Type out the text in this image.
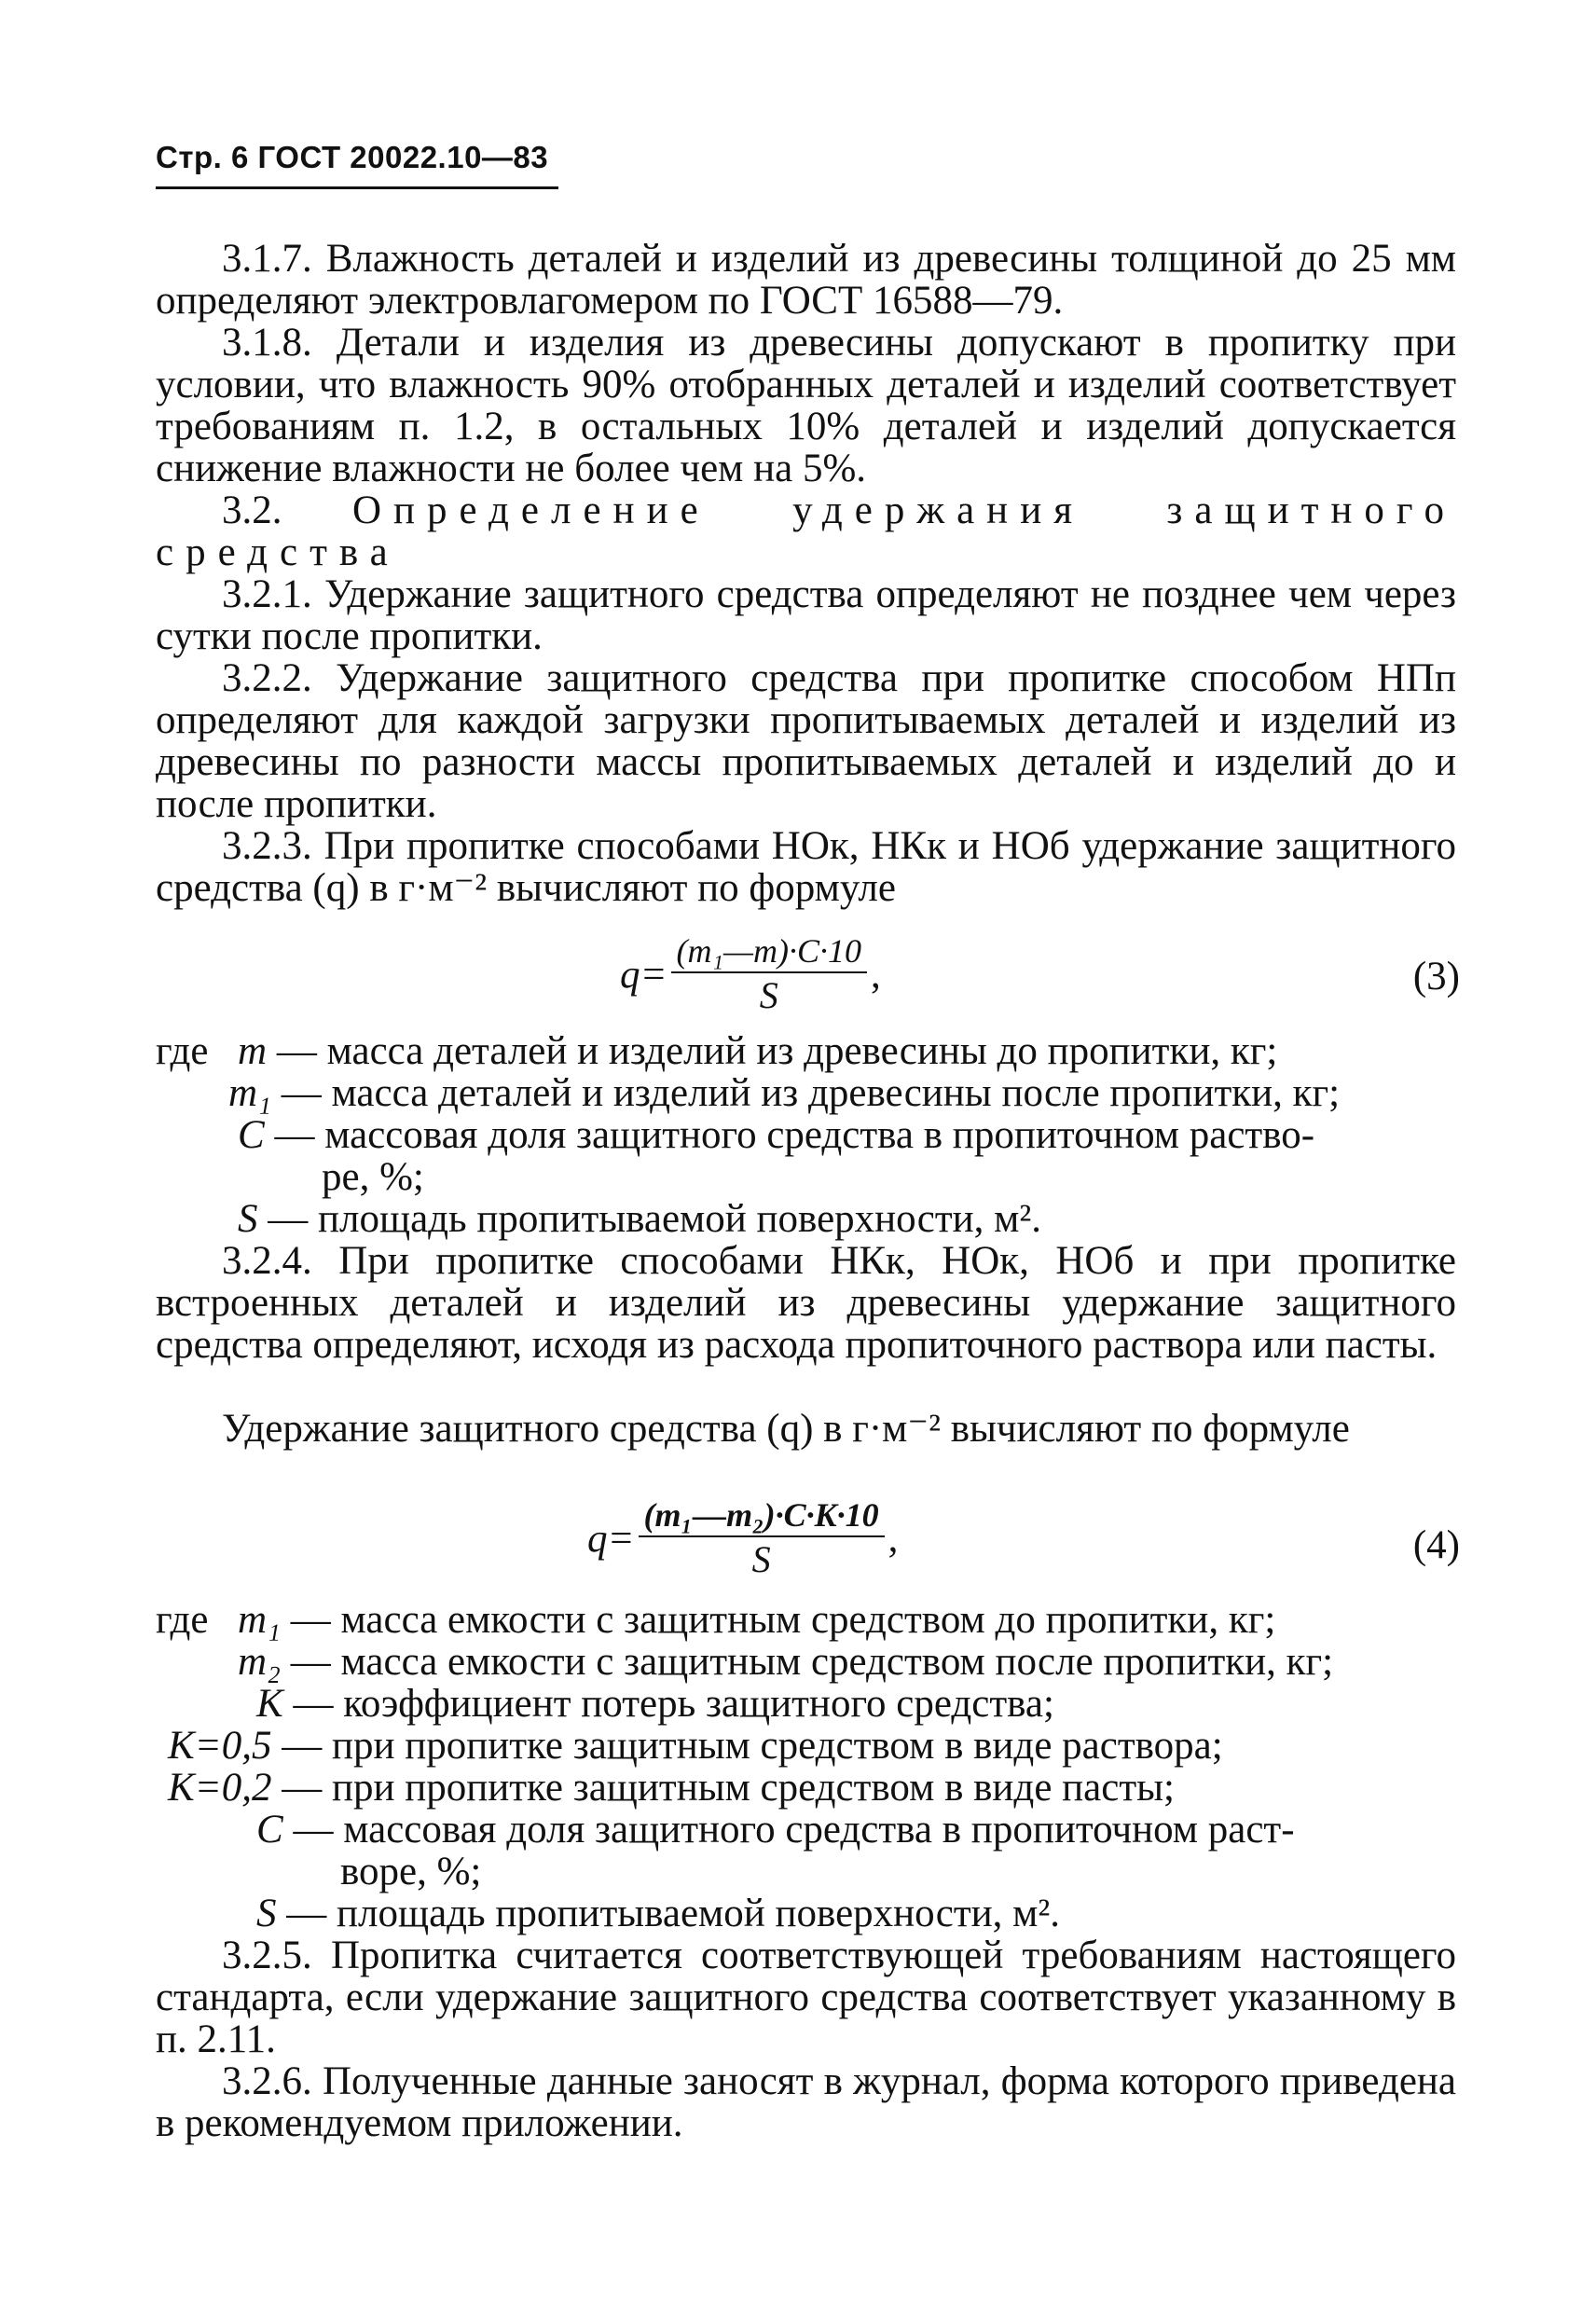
Стр. 6 ГОСТ 20022.10—83
3.1.7. Влажность деталей и изделий из древесины толщиной до 25 мм определяют электровлагомером по ГОСТ 16588—79.
3.1.8. Детали и изделия из древесины допускают в пропитку при условии, что влажность 90% отобранных деталей и изделий соответствует требованиям п. 1.2, в остальных 10% деталей и изделий допускается снижение влажности не более чем на 5%.
3.2. Определение удержания защитного средства
3.2.1. Удержание защитного средства определяют не позднее чем через сутки после пропитки.
3.2.2. Удержание защитного средства при пропитке способом НПп определяют для каждой загрузки пропитываемых деталей и изделий из древесины по разности массы пропитываемых деталей и изделий до и после пропитки.
3.2.3. При пропитке способами НОк, НКк и НОб удержание защитного средства (q) в г·м⁻² вычисляют по формуле
$q= \frac{\text{(m₁—m)·C·10}}{S}$ ,	(3)
где m — масса деталей и изделий из древесины до пропитки, кг;
m₁ — масса деталей и изделий из древесины после пропитки, кг;
C — массовая доля защитного средства в пропиточном раство-
ре, %;
S — площадь пропитываемой поверхности, м².
3.2.4. При пропитке способами НКк, НОк, НОб и при пропитке встроенных деталей и изделий из древесины удержание защитного средства определяют, исходя из расхода пропиточного раствора или пасты.
Удержание защитного средства (q) в г·м⁻² вычисляют по формуле
$q= \frac{\text{(m₁—m₂)·C·K·10}}{S}$ ,	(4)
где m₁ — масса емкости с защитным средством до пропитки, кг;
m₂ — масса емкости с защитным средством после пропитки, кг;
K — коэффициент потерь защитного средства;
K=0,5 — при пропитке защитным средством в виде раствора;
K=0,2 — при пропитке защитным средством в виде пасты;
C — массовая доля защитного средства в пропиточном раст-
воре, %;
S — площадь пропитываемой поверхности, м².
3.2.5. Пропитка считается соответствующей требованиям настоящего стандарта, если удержание защитного средства соответствует указанному в п. 2.11.
3.2.6. Полученные данные заносят в журнал, форма которого приведена в рекомендуемом приложении.
